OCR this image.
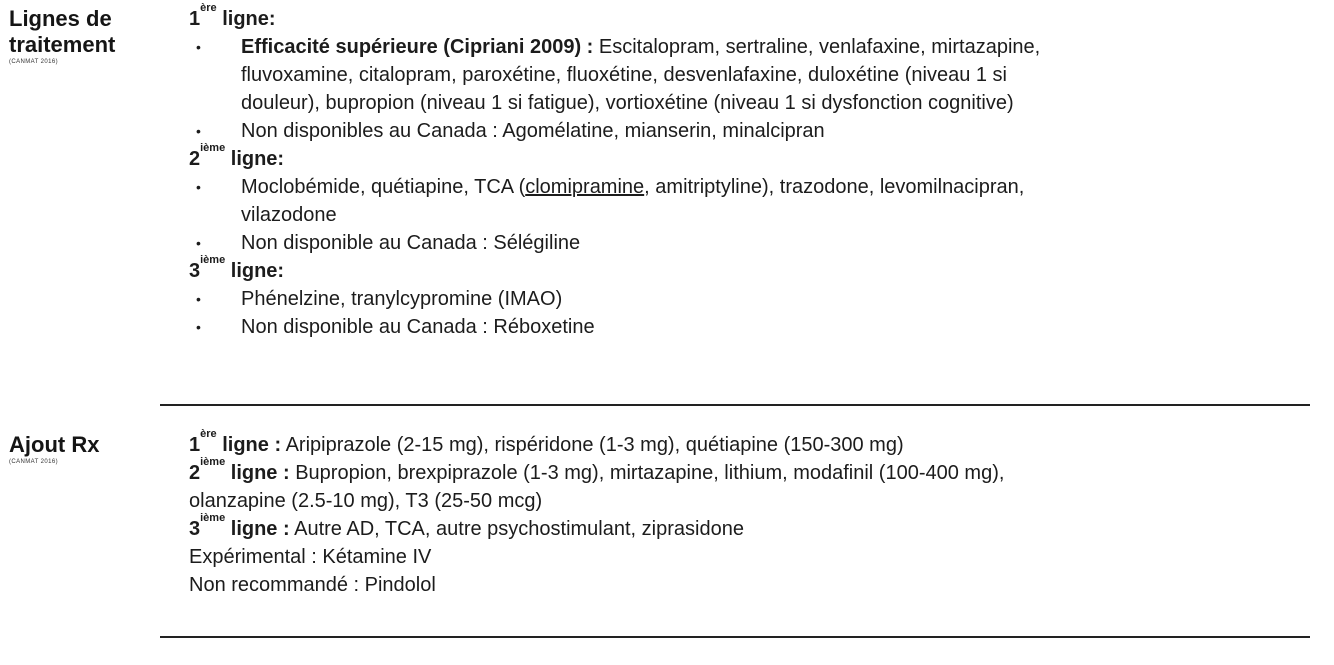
Lignes de
traitement
(CANMAT 2016)
1ère ligne:
• Efficacité supérieure (Cipriani 2009) : Escitalopram, sertraline, venlafaxine, mirtazapine,
fluvoxamine, citalopram, paroxétine, fluoxétine, desvenlafaxine, duloxétine (niveau 1 si
douleur), bupropion (niveau 1 si fatigue), vortioxétine (niveau 1 si dysfonction cognitive)
• Non disponibles au Canada : Agomélatine, mianserin, minalcipran
2ième ligne:
• Moclobémide, quétiapine, TCA (clomipramine, amitriptyline), trazodone, levomilnacipran,
vilazodone
• Non disponible au Canada : Sélégiline
3ième ligne:
• Phénelzine, tranylcypromine (IMAO)
• Non disponible au Canada : Réboxetine
Ajout Rx
(CANMAT 2016)
1ère ligne : Aripiprazole (2-15 mg), rispéridone (1-3 mg), quétiapine (150-300 mg)
2ième ligne : Bupropion, brexpiprazole (1-3 mg), mirtazapine, lithium, modafinil (100-400 mg),
olanzapine (2.5-10 mg), T3 (25-50 mcg)
3ième ligne : Autre AD, TCA, autre psychostimulant, ziprasidone
Expérimental : Kétamine IV
Non recommandé : Pindolol
